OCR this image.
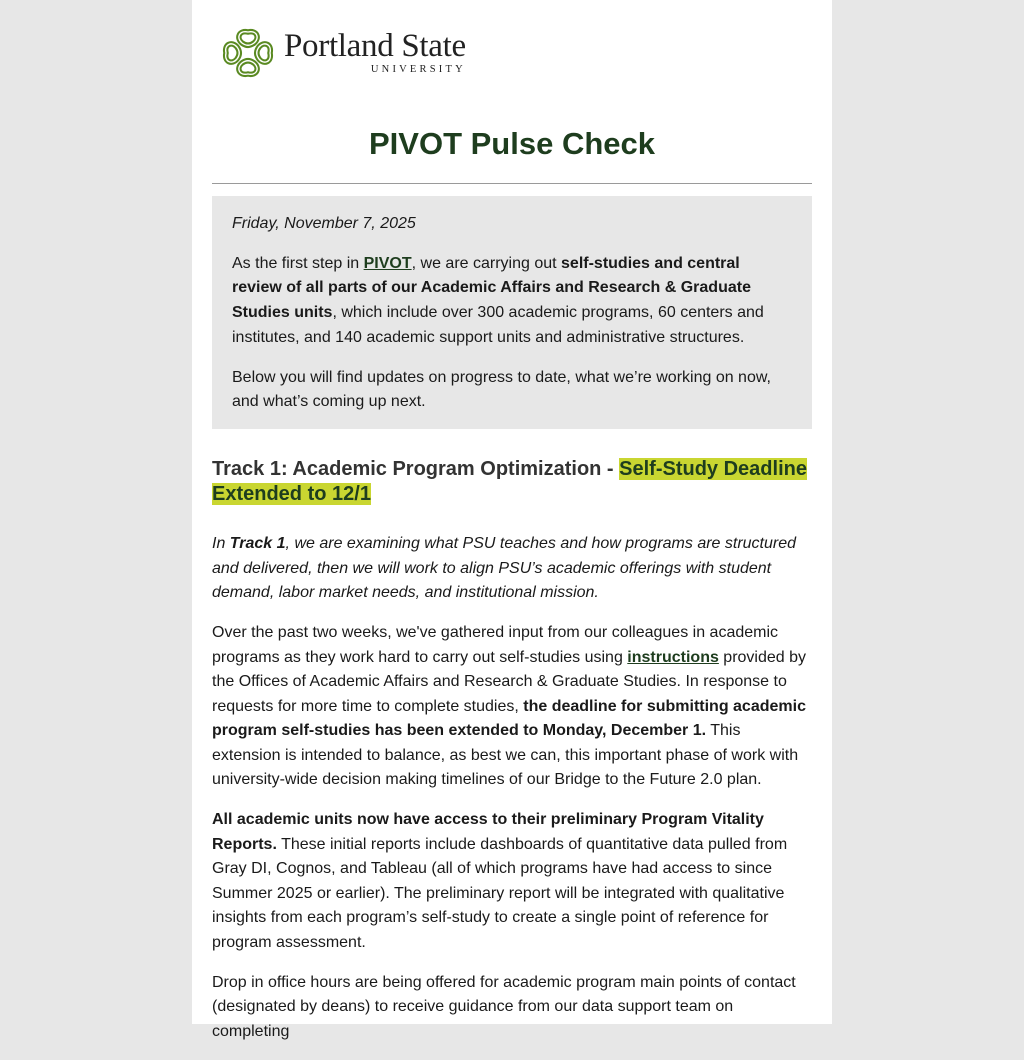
Portland State
UNIVERSITY
PIVOT Pulse Check

Friday, November 7, 2025

As the first step in PIVOT, we are carrying out self-studies and central review of all parts of our Academic Affairs and Research & Graduate Studies units, which include over 300 academic programs, 60 centers and institutes, and 140 academic support units and administrative structures.

Below you will find updates on progress to date, what we’re working on now, and what’s coming up next.

Track 1: Academic Program Optimization - Self-Study Deadline Extended to 12/1

In Track 1, we are examining what PSU teaches and how programs are structured and delivered, then we will work to align PSU’s academic offerings with student demand, labor market needs, and institutional mission.

Over the past two weeks, we've gathered input from our colleagues in academic programs as they work hard to carry out self-studies using instructions provided by the Offices of Academic Affairs and Research & Graduate Studies. In response to requests for more time to complete studies, the deadline for submitting academic program self-studies has been extended to Monday, December 1. This extension is intended to balance, as best we can, this important phase of work with university-wide decision making timelines of our Bridge to the Future 2.0 plan.

All academic units now have access to their preliminary Program Vitality Reports. These initial reports include dashboards of quantitative data pulled from Gray DI, Cognos, and Tableau (all of which programs have had access to since Summer 2025 or earlier). The preliminary report will be integrated with qualitative insights from each program’s self-study to create a single point of reference for program assessment.

Drop in office hours are being offered for academic program main points of contact (designated by deans) to receive guidance from our data support team on completing
